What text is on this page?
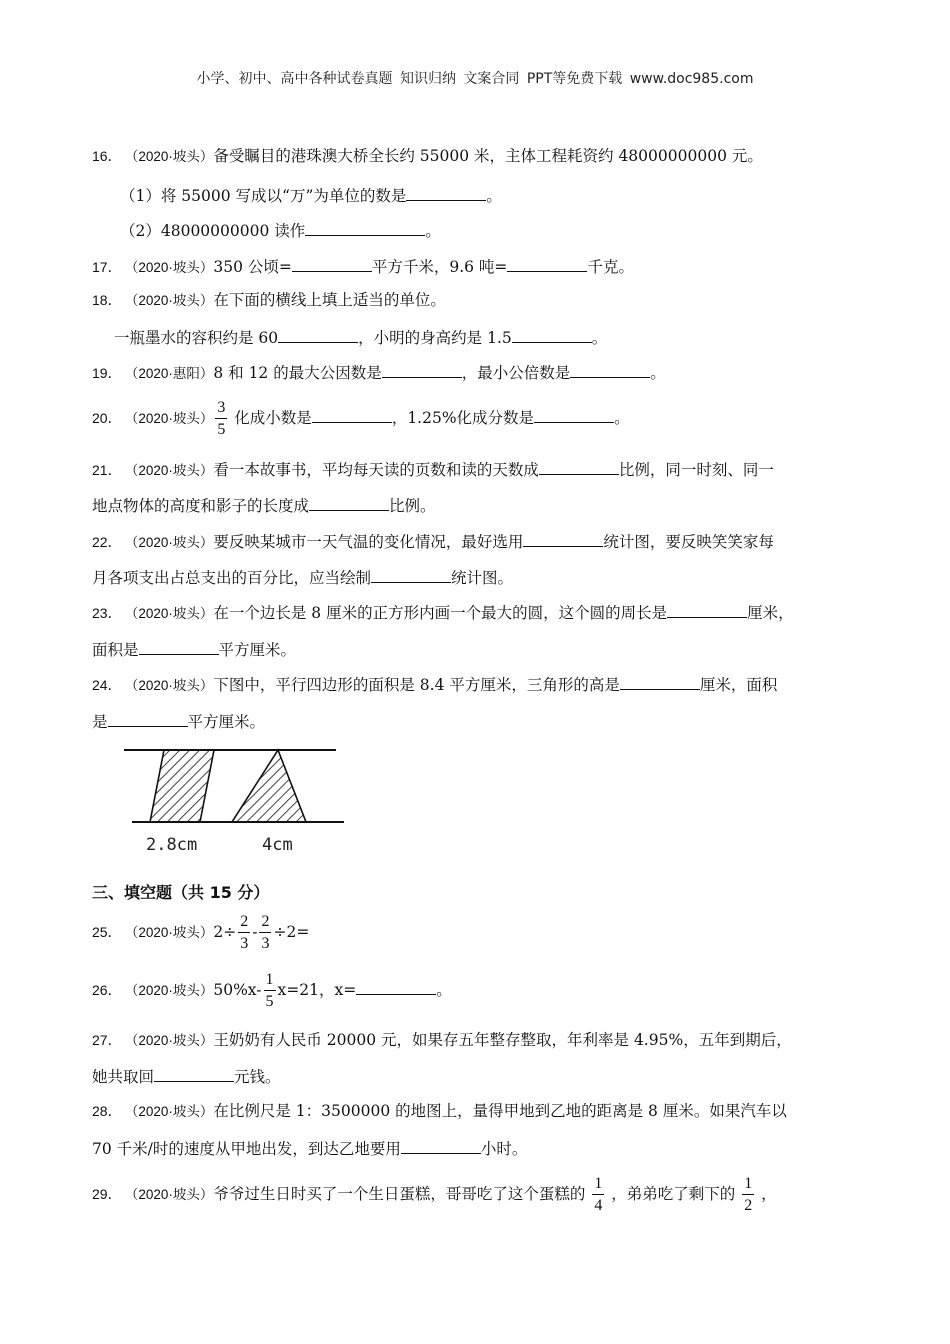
小学、初中、高中各种试卷真题 知识归纳 文案合同 PPT等免费下载 www.doc985.com
16． （2020·坡头）备受瞩目的港珠澳大桥全长约 55000 米，主体工程耗资约 48000000000 元。
（1）将 55000 写成以“万”为单位的数是	。
（2）48000000000 读作	。
17． （2020·坡头）350 公顷=	平方千米，9.6 吨=	千克。
18． （2020·坡头）在下面的横线上填上适当的单位。
一瓶墨水的容积约是 60	，小明的身高约是 1.5	。
19． （2020·惠阳）8 和 12 的最大公因数是	，最小公倍数是	。
20． （2020·坡头） $\frac{3}{5}$ 化成小数是	，1.25%化成分数是	。
21． （2020·坡头）看一本故事书，平均每天读的页数和读的天数成	比例，同一时刻、同一
地点物体的高度和影子的长度成	比例。
22． （2020·坡头）要反映某城市一天气温的变化情况，最好选用	统计图，要反映笑笑家每
月各项支出占总支出的百分比，应当绘制	统计图。
23． （2020·坡头）在一个边长是 8 厘米的正方形内画一个最大的圆，这个圆的周长是	厘米，
面积是	平方厘米。
24． （2020·坡头）下图中，平行四边形的面积是 8.4 平方厘米，三角形的高是	厘米，面积
是	平方厘米。
2.8cm	4cm
三、填空题（共 15 分）
25． （2020·坡头）$2\div \frac{2}{3} - \frac{2}{3} \div 2=$
26． （2020·坡头）$50\%x- \frac{1}{5} x=21$，x=	。
27． （2020·坡头）王奶奶有人民币 20000 元，如果存五年整存整取，年利率是 4.95%，五年到期后，
她共取回	元钱。
28． （2020·坡头）在比例尺是 1：3500000 的地图上，量得甲地到乙地的距离是 8 厘米。如果汽车以
70 千米/时的速度从甲地出发，到达乙地要用	小时。
29． （2020·坡头）爷爷过生日时买了一个生日蛋糕，哥哥吃了这个蛋糕的 $\frac{1}{4}$ ，弟弟吃了剩下的 $\frac{1}{2}$ ，
